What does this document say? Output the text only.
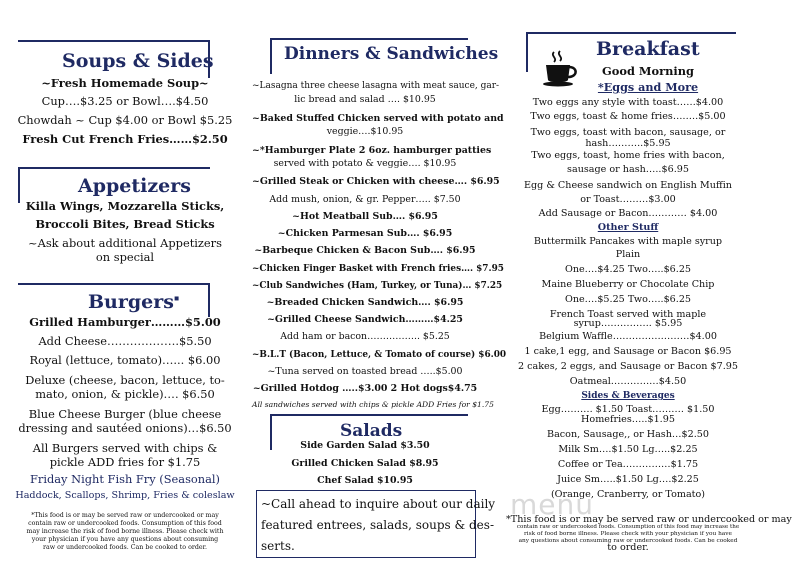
Soups & Sides
~Fresh Homemade Soup~
Cup….$3.25 or Bowl….$4.50
Chowdah ~ Cup $4.00 or Bowl $5.25
Fresh Cut French Fries……$2.50
Appetizers
Killa Wings, Mozzarella Sticks,
Broccoli Bites, Bread Sticks
~Ask about additional Appetizers
on special
Burgers▪
Grilled Hamburger………$5.00
Add Cheese……………….$5.50
Royal (lettuce, tomato)…... $6.00
Deluxe (cheese, bacon, lettuce, to-
mato, onion, & pickle)…. $6.50
Blue Cheese Burger (blue cheese
dressing and sautéed onions)…$6.50
All Burgers served with chips &
pickle ADD fries for $1.75
Friday Night Fish Fry (Seasonal)
Haddock, Scallops, Shrimp, Fries & coleslaw
*This food is or may be served raw or undercooked or may
contain raw or undercooked foods. Consumption of this food
may increase the risk of food borne illness. Please check with
your physician if you have any questions about consuming
raw or undercooked foods. Can be cooked to order.
Dinners & Sandwiches
~Lasagna three cheese lasagna with meat sauce, gar-
lic bread and salad …. $10.95
~Baked Stuffed Chicken served with potato and
veggie….$10.95
~*Hamburger Plate 2 6oz. hamburger patties
served with potato & veggie…. $10.95
~Grilled Steak or Chicken with cheese…. $6.95
Add mush, onion, & gr. Pepper….. $7.50
~Hot Meatball Sub…. $6.95
~Chicken Parmesan Sub…. $6.95
~Barbeque Chicken & Bacon Sub…. $6.95
~Chicken Finger Basket with French fries…. $7.95
~Club Sandwiches (Ham, Turkey, or Tuna)… $7.25
~Breaded Chicken Sandwich…. $6.95
~Grilled Cheese Sandwich………$4.25
Add ham or bacon…………….. $5.25
~B.L.T (Bacon, Lettuce, & Tomato of course) $6.00
~Tuna served on toasted bread …..$5.00
~Grilled Hotdog …..$3.00 2 Hot dogs$4.75
All sandwiches served with chips & pickle ADD Fries for $1.75
Salads
Side Garden Salad $3.50
Grilled Chicken Salad $8.95
Chef Salad $10.95
~Call ahead to inquire about our daily
featured entrees, salads, soups & des-
serts.
Breakfast
Good Morning
*Eggs and More
Two eggs any style with toast……$4.00
Two eggs, toast & home fries……..$5.00
Two eggs, toast with bacon, sausage, or
hash………..$5.95
Two eggs, toast, home fries with bacon,
sausage or hash…..$6.95
Egg & Cheese sandwich on English Muffin
or Toast………$3.00
Add Sausage or Bacon………… $4.00
Other Stuff
Buttermilk Pancakes with maple syrup
Plain
One….$4.25 Two…..$6.25
Maine Blueberry or Chocolate Chip
One….$5.25 Two…..$6.25
French Toast served with maple
syrup……………. $5.95
Belgium Waffle……………………$4.00
1 cake,1 egg, and Sausage or Bacon $6.95
2 cakes, 2 eggs, and Sausage or Bacon $7.95
Oatmeal……………$4.50
Sides & Beverages
Egg………. $1.50 Toast………. $1.50
Homefries…..$1.95
Bacon, Sausage,, or Hash…$2.50
Milk Sm….$1.50 Lg…..$2.25
Coffee or Tea……………$1.75
Juice Sm…..$1.50 Lg….$2.25
(Orange, Cranberry, or Tomato)
*This food is or may be served raw or undercooked or may
contain raw or undercooked foods. Consumption of this food may increase the
risk of food borne illness. Please check with your physician if you have
any questions about consuming raw or undercooked foods. Can be cooked
to order.
menu
